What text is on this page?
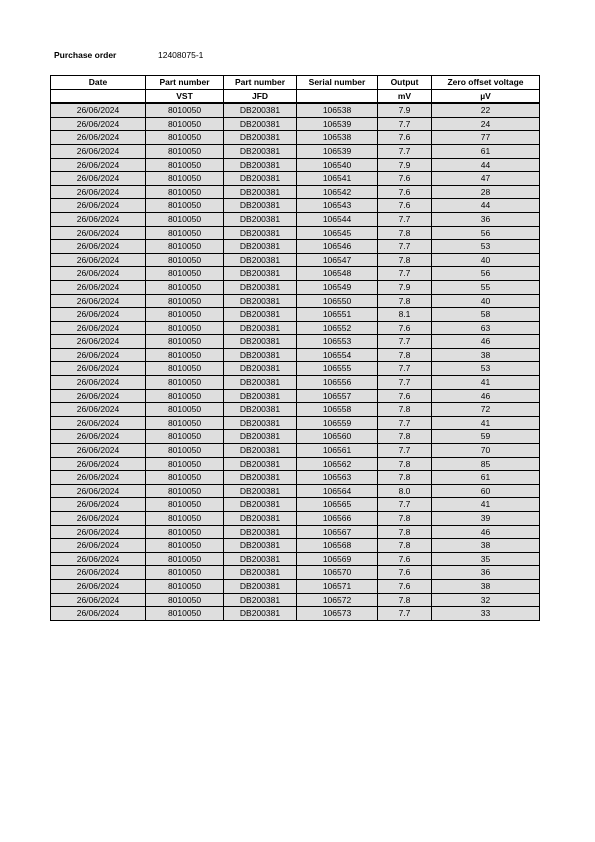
Purchase order	12408075-1
Date	Part number	Part number	Serial number	Output	Zero offset voltage
	VST	JFD		mV	µV
26/06/2024	8010050	DB200381	106538	7.9	22
26/06/2024	8010050	DB200381	106539	7.7	24
26/06/2024	8010050	DB200381	106538	7.6	77
26/06/2024	8010050	DB200381	106539	7.7	61
26/06/2024	8010050	DB200381	106540	7.9	44
26/06/2024	8010050	DB200381	106541	7.6	47
26/06/2024	8010050	DB200381	106542	7.6	28
26/06/2024	8010050	DB200381	106543	7.6	44
26/06/2024	8010050	DB200381	106544	7.7	36
26/06/2024	8010050	DB200381	106545	7.8	56
26/06/2024	8010050	DB200381	106546	7.7	53
26/06/2024	8010050	DB200381	106547	7.8	40
26/06/2024	8010050	DB200381	106548	7.7	56
26/06/2024	8010050	DB200381	106549	7.9	55
26/06/2024	8010050	DB200381	106550	7.8	40
26/06/2024	8010050	DB200381	106551	8.1	58
26/06/2024	8010050	DB200381	106552	7.6	63
26/06/2024	8010050	DB200381	106553	7.7	46
26/06/2024	8010050	DB200381	106554	7.8	38
26/06/2024	8010050	DB200381	106555	7.7	53
26/06/2024	8010050	DB200381	106556	7.7	41
26/06/2024	8010050	DB200381	106557	7.6	46
26/06/2024	8010050	DB200381	106558	7.8	72
26/06/2024	8010050	DB200381	106559	7.7	41
26/06/2024	8010050	DB200381	106560	7.8	59
26/06/2024	8010050	DB200381	106561	7.7	70
26/06/2024	8010050	DB200381	106562	7.8	85
26/06/2024	8010050	DB200381	106563	7.8	61
26/06/2024	8010050	DB200381	106564	8.0	60
26/06/2024	8010050	DB200381	106565	7.7	41
26/06/2024	8010050	DB200381	106566	7.8	39
26/06/2024	8010050	DB200381	106567	7.8	46
26/06/2024	8010050	DB200381	106568	7.8	38
26/06/2024	8010050	DB200381	106569	7.6	35
26/06/2024	8010050	DB200381	106570	7.6	36
26/06/2024	8010050	DB200381	106571	7.6	38
26/06/2024	8010050	DB200381	106572	7.8	32
26/06/2024	8010050	DB200381	106573	7.7	33
